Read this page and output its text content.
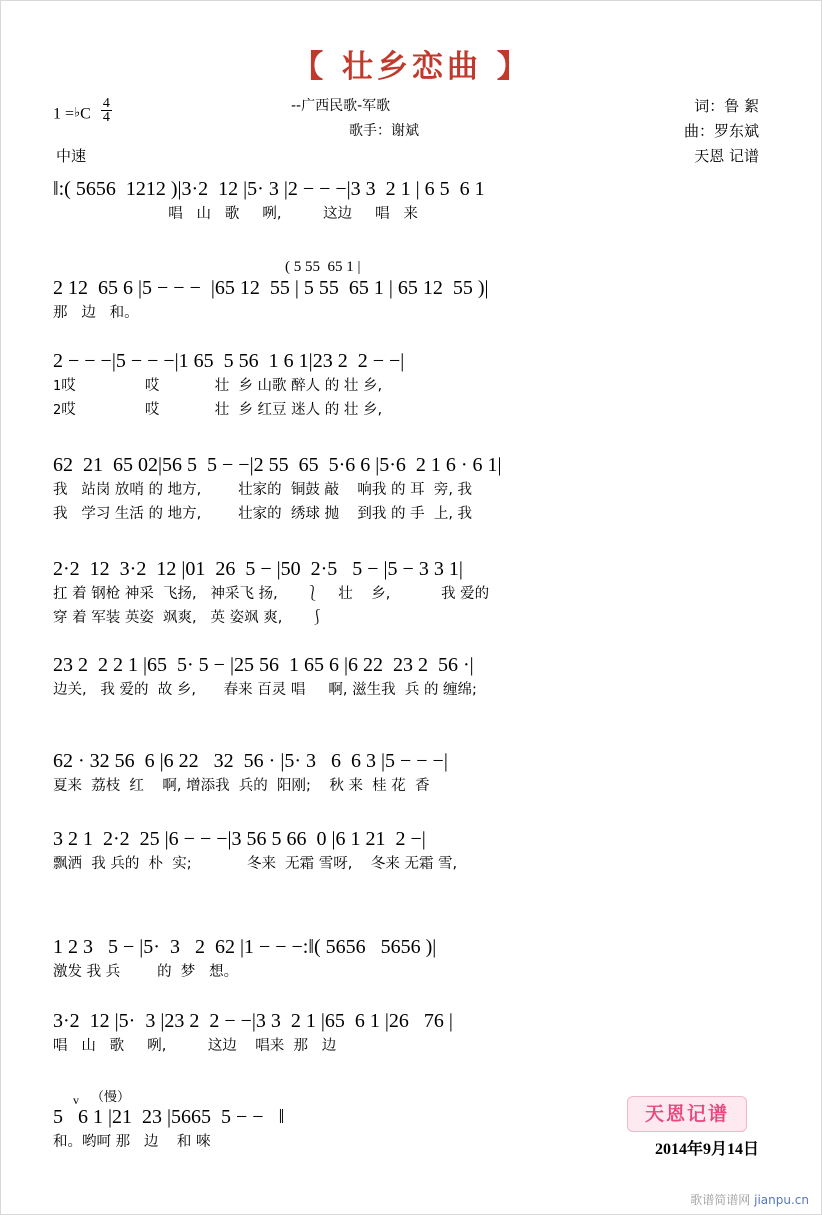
【 壮乡恋曲 】
1 =♭C $\frac{4}{4}$
中速
--广西民歌-军歌
歌手：谢斌
词：鲁 絮
曲：罗东斌
天恩 记谱
‖:( 5656  1212 )|3·2  12 |5· 3 |2 − − −|3 3  2 1 | 6 5  6 1
唱   山   歌     咧,         这边     唱   来
( 5 55  65 1 |
2 12  65 6 |5 − − −  |65 12  55 | 5 55  65 1 | 65 12  55 )|
那   边   和。
2 − − −|5 − − −|1 65  5 56  1 6 1|23 2  2 − −|
1哎               哎            壮  乡 山歌 醉人 的 壮 乡,
2哎               哎            壮  乡 红豆 迷人 的 壮 乡,
62  21  65 02|56 5  5 − −|2 55  65  5·6 6 |5·6  2 1 6 · 6 1|
我   站岗 放哨 的 地方,        壮家的  铜鼓 敲    响我 的 耳  旁, 我
我   学习 生活 的 地方,        壮家的  绣球 抛    到我 的 手  上, 我
2·2  12  3·2  12 |01  26  5 − |50  2·5   5 − |5 − 3 3 1|
扛 着 钢枪 神采  飞扬,   神采飞 扬,      ⎱    壮    乡,           我 爱的
穿 着 军装 英姿  飒爽,   英 姿飒 爽,      ⎰
23 2  2 2 1 |65  5· 5 − |25 56  1 65 6 |6 22  23 2  56 ·|
边关,   我 爱的  故 乡,      春来 百灵 唱     啊, 滋生我  兵 的 缠绵;
62 · 32 56  6 |6 22   32  56 · |5· 3   6  6 3 |5 − − −|
夏来  荔枝  红    啊, 增添我  兵的  阳刚;    秋 来  桂 花  香
3 2 1  2·2  25 |6 − − −|3 56 5 66  0 |6 1 21  2 −|
飘洒  我 兵的  朴  实;            冬来  无霜 雪呀,    冬来 无霜 雪,
1 2 3   5 − |5·  3   2  62 |1 − − −:‖( 5656   5656 )|
激发 我 兵        的  梦   想。
3·2  12 |5·  3 |23 2  2 − −|3 3  2 1 |65  6 1 |26   76 |
唱   山   歌     咧,         这边    唱来  那   边
v （慢）
5   6 1 |21  23 |5665  5 − −   ‖
和。哟呵 那   边    和 唻
天恩记谱
2014年9月14日
歌谱简谱网 jianpu.cn
